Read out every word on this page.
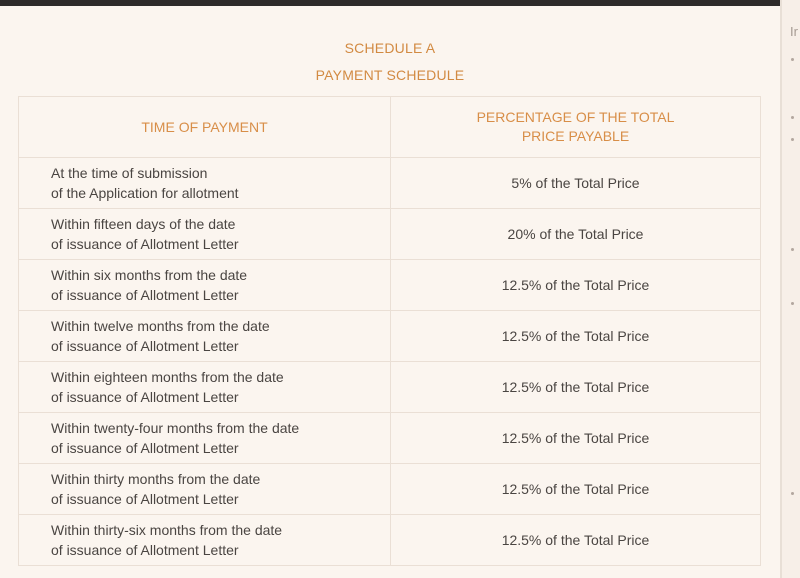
SCHEDULE A
PAYMENT SCHEDULE
TIME OF PAYMENT	PERCENTAGE OF THE TOTAL
PRICE PAYABLE

At the time of submission
of the Application for allotment	5% of the Total Price

Within fifteen days of the date
of issuance of Allotment Letter	20% of the Total Price

Within six months from the date
of issuance of Allotment Letter	12.5% of the Total Price

Within twelve months from the date
of issuance of Allotment Letter	12.5% of the Total Price

Within eighteen months from the date
of issuance of Allotment Letter	12.5% of the Total Price

Within twenty-four months from the date
of issuance of Allotment Letter	12.5% of the Total Price

Within thirty months from the date
of issuance of Allotment Letter	12.5% of the Total Price

Within thirty-six months from the date
of issuance of Allotment Letter	12.5% of the Total Price
Ir
